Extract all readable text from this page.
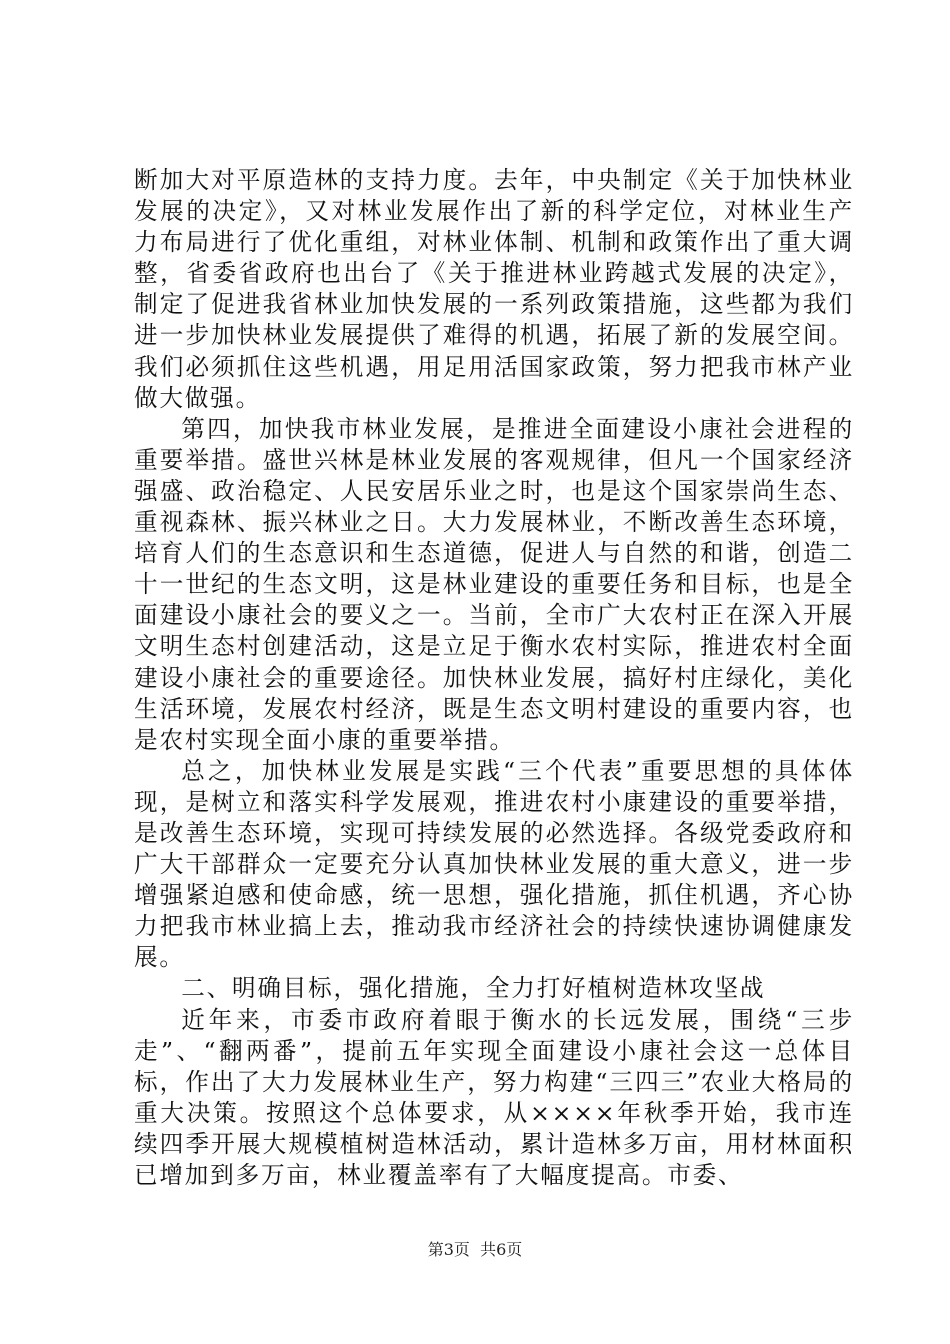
断加大对平原造林的支持力度。去年，中央制定《关于加快林业发展的决定》，又对林业发展作出了新的科学定位，对林业生产力布局进行了优化重组，对林业体制、机制和政策作出了重大调整，省委省政府也出台了《关于推进林业跨越式发展的决定》，制定了促进我省林业加快发展的一系列政策措施，这些都为我们进一步加快林业发展提供了难得的机遇，拓展了新的发展空间。我们必须抓住这些机遇，用足用活国家政策，努力把我市林产业做大做强。

第四，加快我市林业发展，是推进全面建设小康社会进程的重要举措。盛世兴林是林业发展的客观规律，但凡一个国家经济强盛、政治稳定、人民安居乐业之时，也是这个国家崇尚生态、重视森林、振兴林业之日。大力发展林业，不断改善生态环境，培育人们的生态意识和生态道德，促进人与自然的和谐，创造二十一世纪的生态文明，这是林业建设的重要任务和目标，也是全面建设小康社会的要义之一。当前，全市广大农村正在深入开展文明生态村创建活动，这是立足于衡水农村实际，推进农村全面建设小康社会的重要途径。加快林业发展，搞好村庄绿化，美化生活环境，发展农村经济，既是生态文明村建设的重要内容，也是农村实现全面小康的重要举措。

总之，加快林业发展是实践“三个代表”重要思想的具体体现，是树立和落实科学发展观，推进农村小康建设的重要举措，是改善生态环境，实现可持续发展的必然选择。各级党委政府和广大干部群众一定要充分认真加快林业发展的重大意义，进一步增强紧迫感和使命感，统一思想，强化措施，抓住机遇，齐心协力把我市林业搞上去，推动我市经济社会的持续快速协调健康发展。

二、明确目标，强化措施，全力打好植树造林攻坚战

近年来，市委市政府着眼于衡水的长远发展，围绕“三步走”、“翻两番”，提前五年实现全面建设小康社会这一总体目标，作出了大力发展林业生产，努力构建“三四三”农业大格局的重大决策。按照这个总体要求，从××××年秋季开始，我市连续四季开展大规模植树造林活动，累计造林多万亩，用材林面积已增加到多万亩，林业覆盖率有了大幅度提高。市委、

第3页 共6页
